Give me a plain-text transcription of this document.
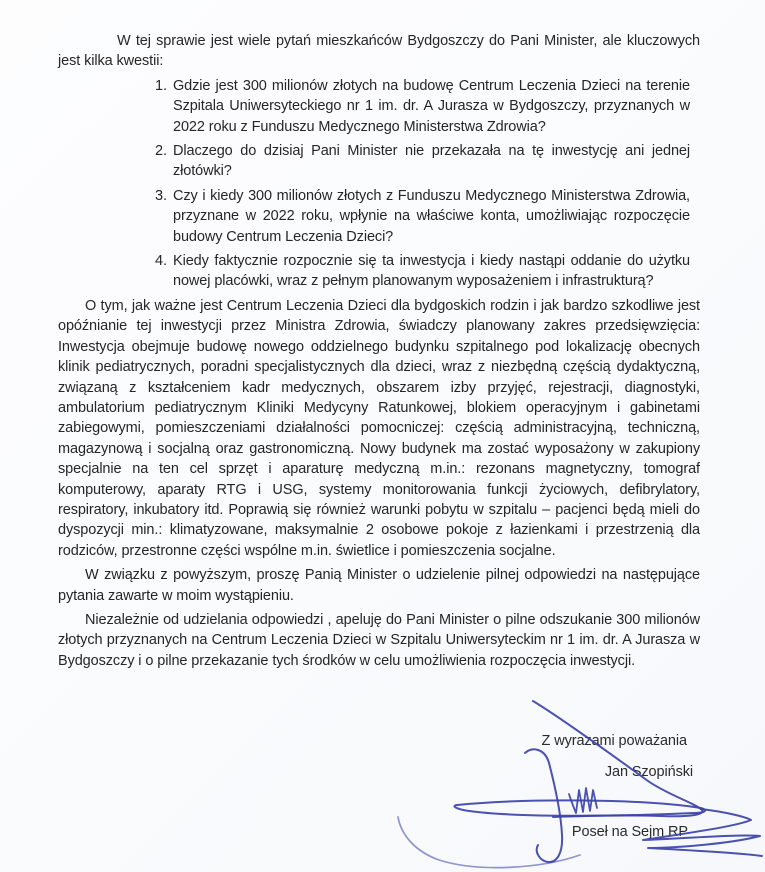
W tej sprawie jest wiele pytań mieszkańców Bydgoszczy do Pani Minister, ale kluczowych jest kilka kwestii:

1. Gdzie jest 300 milionów złotych na budowę Centrum Leczenia Dzieci na terenie Szpitala Uniwersyteckiego nr 1 im. dr. A Jurasza w Bydgoszczy, przyznanych w 2022 roku z Funduszu Medycznego Ministerstwa Zdrowia?
2. Dlaczego do dzisiaj Pani Minister nie przekazała na tę inwestycję ani jednej złotówki?
3. Czy i kiedy 300 milionów złotych z Funduszu Medycznego Ministerstwa Zdrowia, przyznane w 2022 roku, wpłynie na właściwe konta, umożliwiając rozpoczęcie budowy Centrum Leczenia Dzieci?
4. Kiedy faktycznie rozpocznie się ta inwestycja i kiedy nastąpi oddanie do użytku nowej placówki, wraz z pełnym planowanym wyposażeniem i infrastrukturą?

O tym, jak ważne jest Centrum Leczenia Dzieci dla bydgoskich rodzin i jak bardzo szkodliwe jest opóźnianie tej inwestycji przez Ministra Zdrowia, świadczy planowany zakres przedsięwzięcia: Inwestycja obejmuje budowę nowego oddzielnego budynku szpitalnego pod lokalizację obecnych klinik pediatrycznych, poradni specjalistycznych dla dzieci, wraz z niezbędną częścią dydaktyczną, związaną z kształceniem kadr medycznych, obszarem izby przyjęć, rejestracji, diagnostyki, ambulatorium pediatrycznym Kliniki Medycyny Ratunkowej, blokiem operacyjnym i gabinetami zabiegowymi, pomieszczeniami działalności pomocniczej: częścią administracyjną, techniczną, magazynową i socjalną oraz gastronomiczną. Nowy budynek ma zostać wyposażony w zakupiony specjalnie na ten cel sprzęt i aparaturę medyczną m.in.: rezonans magnetyczny, tomograf komputerowy, aparaty RTG i USG, systemy monitorowania funkcji życiowych, defibrylatory, respiratory, inkubatory itd. Poprawią się również warunki pobytu w szpitalu – pacjenci będą mieli do dyspozycji min.: klimatyzowane, maksymalnie 2 osobowe pokoje z łazienkami i przestrzenią dla rodziców, przestronne części wspólne m.in. świetlice i pomieszczenia socjalne.

W związku z powyższym, proszę Panią Minister o udzielenie pilnej odpowiedzi na następujące pytania zawarte w moim wystąpieniu.

Niezależnie od udzielania odpowiedzi , apeluję do Pani Minister o pilne odszukanie 300 milionów złotych przyznanych na Centrum Leczenia Dzieci w Szpitalu Uniwersyteckim nr 1 im. dr. A Jurasza w Bydgoszczy i o pilne przekazanie tych środków w celu umożliwienia rozpoczęcia inwestycji.

Z wyrazami poważania
Jan Szopiński
Poseł na Sejm RP
